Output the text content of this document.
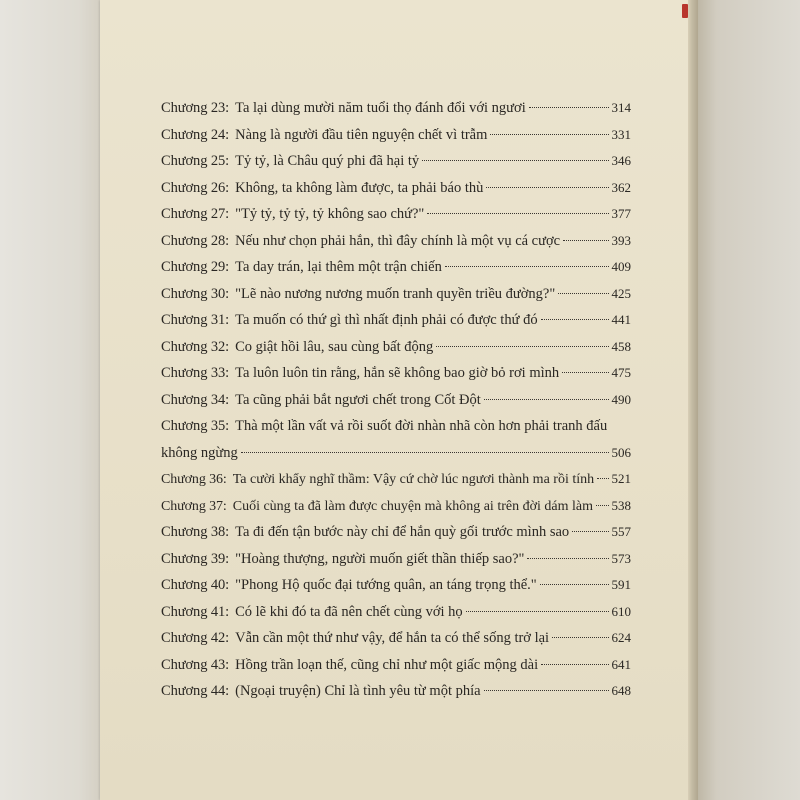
Chương 23: Ta lại dùng mười năm tuổi thọ đánh đổi với ngươi	314
Chương 24: Nàng là người đầu tiên nguyện chết vì trẫm	331
Chương 25: Tỷ tỷ, là Châu quý phi đã hại tỷ	346
Chương 26: Không, ta không làm được, ta phải báo thù	362
Chương 27: "Tỷ tỷ, tỷ tỷ, tỷ không sao chứ?"	377
Chương 28: Nếu như chọn phải hắn, thì đây chính là một vụ cá cược	393
Chương 29: Ta day trán, lại thêm một trận chiến	409
Chương 30: "Lẽ nào nương nương muốn tranh quyền triều đường?"	425
Chương 31: Ta muốn có thứ gì thì nhất định phải có được thứ đó	441
Chương 32: Co giật hồi lâu, sau cùng bất động	458
Chương 33: Ta luôn luôn tin rằng, hắn sẽ không bao giờ bỏ rơi mình	475
Chương 34: Ta cũng phải bắt ngươi chết trong Cốt Đột	490
Chương 35: Thà một lần vất vả rồi suốt đời nhàn nhã còn hơn phải tranh đấu
không ngừng	506
Chương 36: Ta cười khẩy nghĩ thầm: Vậy cứ chờ lúc ngươi thành ma rồi tính 521
Chương 37: Cuối cùng ta đã làm được chuyện mà không ai trên đời dám làm 538
Chương 38: Ta đi đến tận bước này chỉ để hắn quỳ gối trước mình sao	557
Chương 39: "Hoàng thượng, người muốn giết thần thiếp sao?"	573
Chương 40: "Phong Hộ quốc đại tướng quân, an táng trọng thể."	591
Chương 41: Có lẽ khi đó ta đã nên chết cùng với họ	610
Chương 42: Vẫn cần một thứ như vậy, để hắn ta có thể sống trở lại	624
Chương 43: Hồng trần loạn thế, cũng chỉ như một giấc mộng dài	641
Chương 44: (Ngoại truyện) Chỉ là tình yêu từ một phía	648
